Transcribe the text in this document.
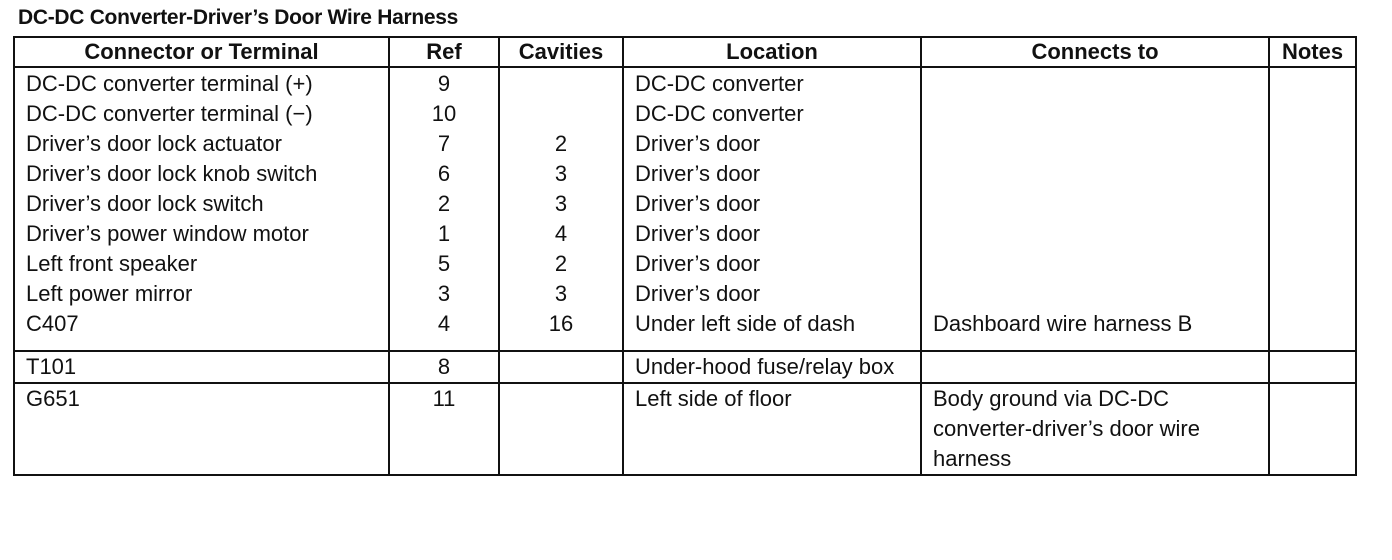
DC-DC Converter-Driver’s Door Wire Harness
Connector or Terminal	Ref	Cavities	Location	Connects to	Notes
DC-DC converter terminal (+)	9		DC-DC converter		
DC-DC converter terminal (−)	10		DC-DC converter		
Driver’s door lock actuator	7	2	Driver’s door		
Driver’s door lock knob switch	6	3	Driver’s door		
Driver’s door lock switch	2	3	Driver’s door		
Driver’s power window motor	1	4	Driver’s door		
Left front speaker	5	2	Driver’s door		
Left power mirror	3	3	Driver’s door		
C407	4	16	Under left side of dash	Dashboard wire harness B	
T101	8		Under-hood fuse/relay box		
G651	11		Left side of floor	Body ground via DC-DC converter-driver’s door wire harness	
